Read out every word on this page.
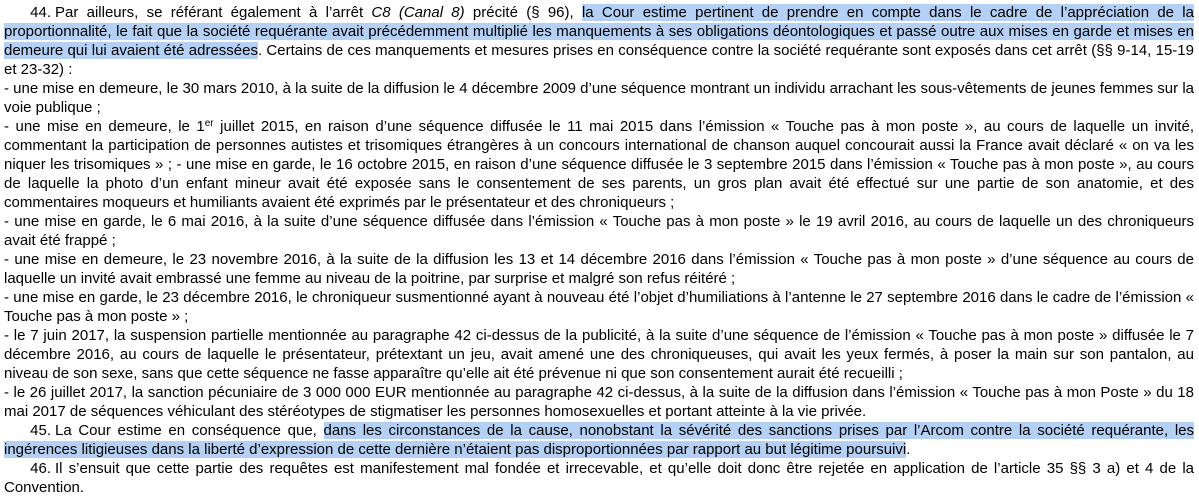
44. Par ailleurs, se référant également à l’arrêt C8 (Canal 8) précité (§ 96), la Cour estime pertinent de prendre en compte dans le cadre de l’appréciation de la proportionnalité, le fait que la société requérante avait précédemment multiplié les manquements à ses obligations déontologiques et passé outre aux mises en garde et mises en demeure qui lui avaient été adressées. Certains de ces manquements et mesures prises en conséquence contre la société requérante sont exposés dans cet arrêt (§§ 9-14, 15-19 et 23-32) :

- une mise en demeure, le 30 mars 2010, à la suite de la diffusion le 4 décembre 2009 d’une séquence montrant un individu arrachant les sous-vêtements de jeunes femmes sur la voie publique ;

- une mise en demeure, le 1er juillet 2015, en raison d’une séquence diffusée le 11 mai 2015 dans l’émission « Touche pas à mon poste », au cours de laquelle un invité, commentant la participation de personnes autistes et trisomiques étrangères à un concours international de chanson auquel concourait aussi la France avait déclaré « on va les niquer les trisomiques » ; - une mise en garde, le 16 octobre 2015, en raison d’une séquence diffusée le 3 septembre 2015 dans l’émission « Touche pas à mon poste », au cours de laquelle la photo d’un enfant mineur avait été exposée sans le consentement de ses parents, un gros plan avait été effectué sur une partie de son anatomie, et des commentaires moqueurs et humiliants avaient été exprimés par le présentateur et des chroniqueurs ;

- une mise en garde, le 6 mai 2016, à la suite d’une séquence diffusée dans l’émission « Touche pas à mon poste » le 19 avril 2016, au cours de laquelle un des chroniqueurs avait été frappé ;

- une mise en demeure, le 23 novembre 2016, à la suite de la diffusion les 13 et 14 décembre 2016 dans l’émission « Touche pas à mon poste » d’une séquence au cours de laquelle un invité avait embrassé une femme au niveau de la poitrine, par surprise et malgré son refus réitéré ;

- une mise en garde, le 23 décembre 2016, le chroniqueur susmentionné ayant à nouveau été l’objet d’humiliations à l’antenne le 27 septembre 2016 dans le cadre de l’émission « Touche pas à mon poste » ;

- le 7 juin 2017, la suspension partielle mentionnée au paragraphe 42 ci-dessus de la publicité, à la suite d’une séquence de l’émission « Touche pas à mon poste » diffusée le 7 décembre 2016, au cours de laquelle le présentateur, prétextant un jeu, avait amené une des chroniqueuses, qui avait les yeux fermés, à poser la main sur son pantalon, au niveau de son sexe, sans que cette séquence ne fasse apparaître qu’elle ait été prévenue ni que son consentement aurait été recueilli ;

- le 26 juillet 2017, la sanction pécuniaire de 3 000 000 EUR mentionnée au paragraphe 42 ci-dessus, à la suite de la diffusion dans l’émission « Touche pas à mon Poste » du 18 mai 2017 de séquences véhiculant des stéréotypes de stigmatiser les personnes homosexuelles et portant atteinte à la vie privée.

45. La Cour estime en conséquence que, dans les circonstances de la cause, nonobstant la sévérité des sanctions prises par l’Arcom contre la société requérante, les ingérences litigieuses dans la liberté d’expression de cette dernière n’étaient pas disproportionnées par rapport au but légitime poursuivi.

46. Il s’ensuit que cette partie des requêtes est manifestement mal fondée et irrecevable, et qu’elle doit donc être rejetée en application de l’article 35 §§ 3 a) et 4 de la Convention.
